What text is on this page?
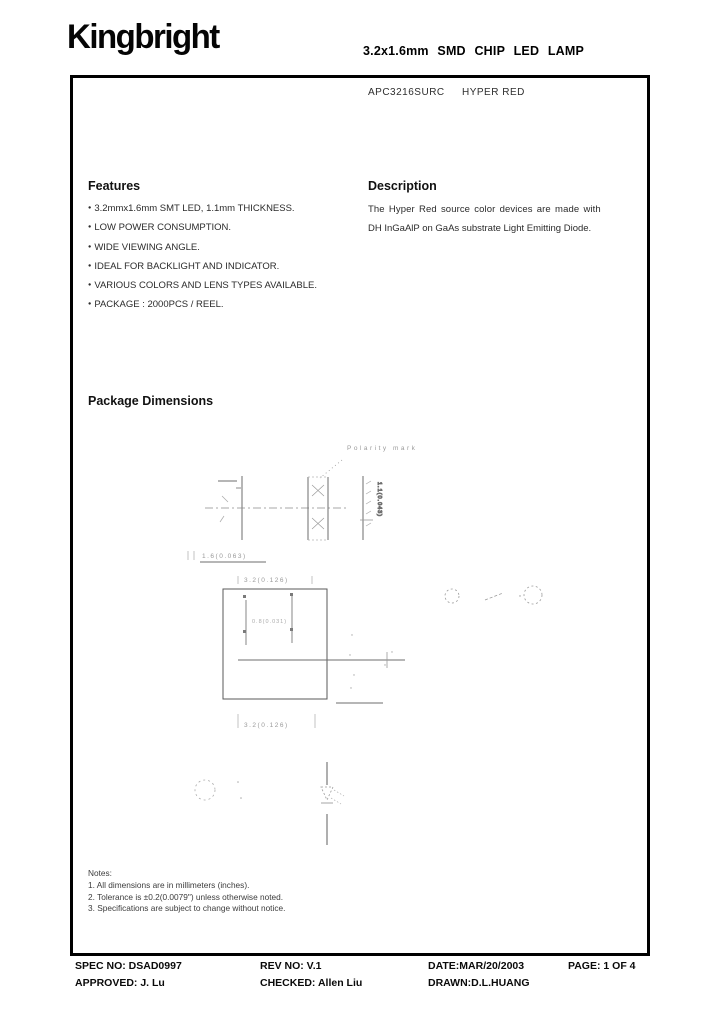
Kingbright	3.2x1.6mm SMD CHIP LED LAMP
APC3216SURC HYPER RED
Features
● 3.2mmx1.6mm SMT LED, 1.1mm THICKNESS.
● LOW POWER CONSUMPTION.
● WIDE VIEWING ANGLE.
● IDEAL FOR BACKLIGHT AND INDICATOR.
● VARIOUS COLORS AND LENS TYPES AVAILABLE.
● PACKAGE : 2000PCS / REEL.
Description
The Hyper Red source color devices are made with
DH InGaAlP on GaAs substrate Light Emitting Diode.
Package Dimensions
Polarity mark
1.1(0.043)
1.6(0.063)
3.2(0.126)
0.8(0.031)
3.2(0.126)
Notes:
1. All dimensions are in millimeters (inches).
2. Tolerance is ±0.2(0.0079") unless otherwise noted.
3. Specifications are subject to change without notice.
SPEC NO: DSAD0997	REV NO: V.1	DATE:MAR/20/2003	PAGE: 1 OF 4
APPROVED: J. Lu	CHECKED: Allen Liu	DRAWN:D.L.HUANG
